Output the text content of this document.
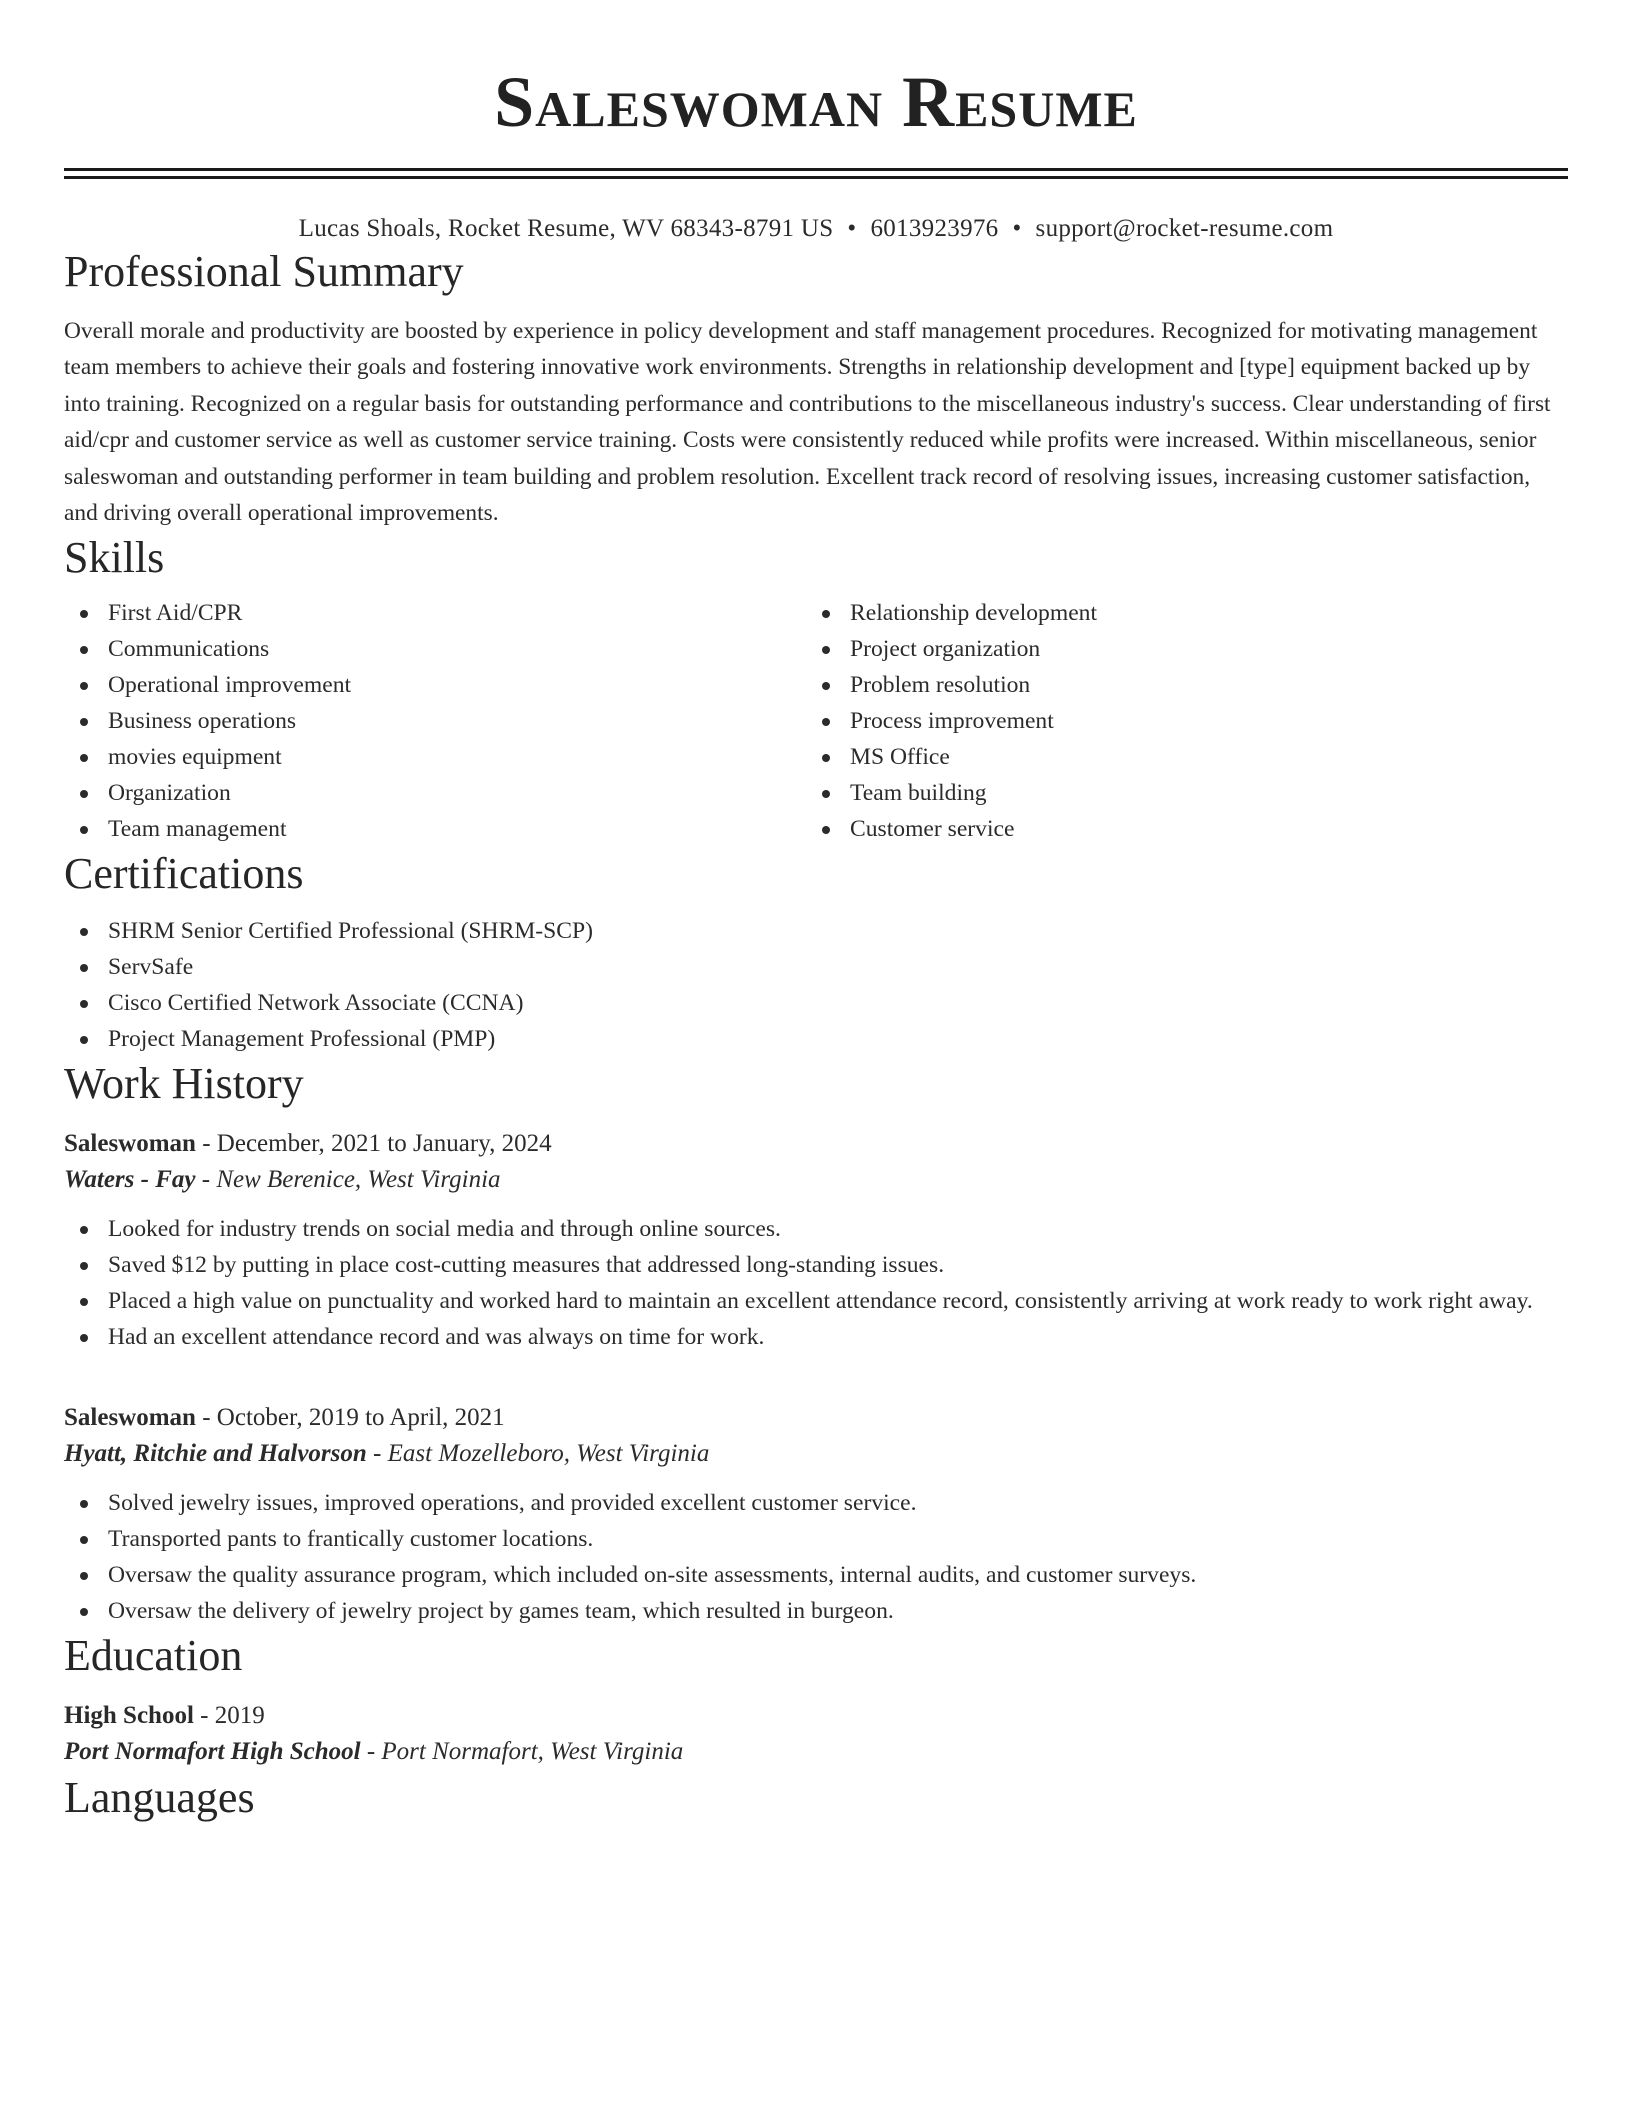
Saleswoman Resume
Lucas Shoals, Rocket Resume, WV 68343-8791 US • 6013923976 • support@rocket-resume.com
Professional Summary

Overall morale and productivity are boosted by experience in policy development and staff management procedures. Recognized for motivating management team members to achieve their goals and fostering innovative work environments. Strengths in relationship development and [type] equipment backed up by into training. Recognized on a regular basis for outstanding performance and contributions to the miscellaneous industry's success. Clear understanding of first aid/cpr and customer service as well as customer service training. Costs were consistently reduced while profits were increased. Within miscellaneous, senior saleswoman and outstanding performer in team building and problem resolution. Excellent track record of resolving issues, increasing customer satisfaction, and driving overall operational improvements.

Skills
First Aid/CPR
Communications
Operational improvement
Business operations
movies equipment
Organization
Team management
Relationship development
Project organization
Problem resolution
Process improvement
MS Office
Team building
Customer service
Certifications
SHRM Senior Certified Professional (SHRM-SCP)
ServSafe
Cisco Certified Network Associate (CCNA)
Project Management Professional (PMP)
Work History
Saleswoman - December, 2021 to January, 2024
Waters - Fay - New Berenice, West Virginia
Looked for industry trends on social media and through online sources.
Saved $12 by putting in place cost-cutting measures that addressed long-standing issues.
Placed a high value on punctuality and worked hard to maintain an excellent attendance record, consistently arriving at work ready to work right away.
Had an excellent attendance record and was always on time for work.
Saleswoman - October, 2019 to April, 2021
Hyatt, Ritchie and Halvorson - East Mozelleboro, West Virginia
Solved jewelry issues, improved operations, and provided excellent customer service.
Transported pants to frantically customer locations.
Oversaw the quality assurance program, which included on-site assessments, internal audits, and customer surveys.
Oversaw the delivery of jewelry project by games team, which resulted in burgeon.
Education
High School - 2019
Port Normafort High School - Port Normafort, West Virginia
Languages
